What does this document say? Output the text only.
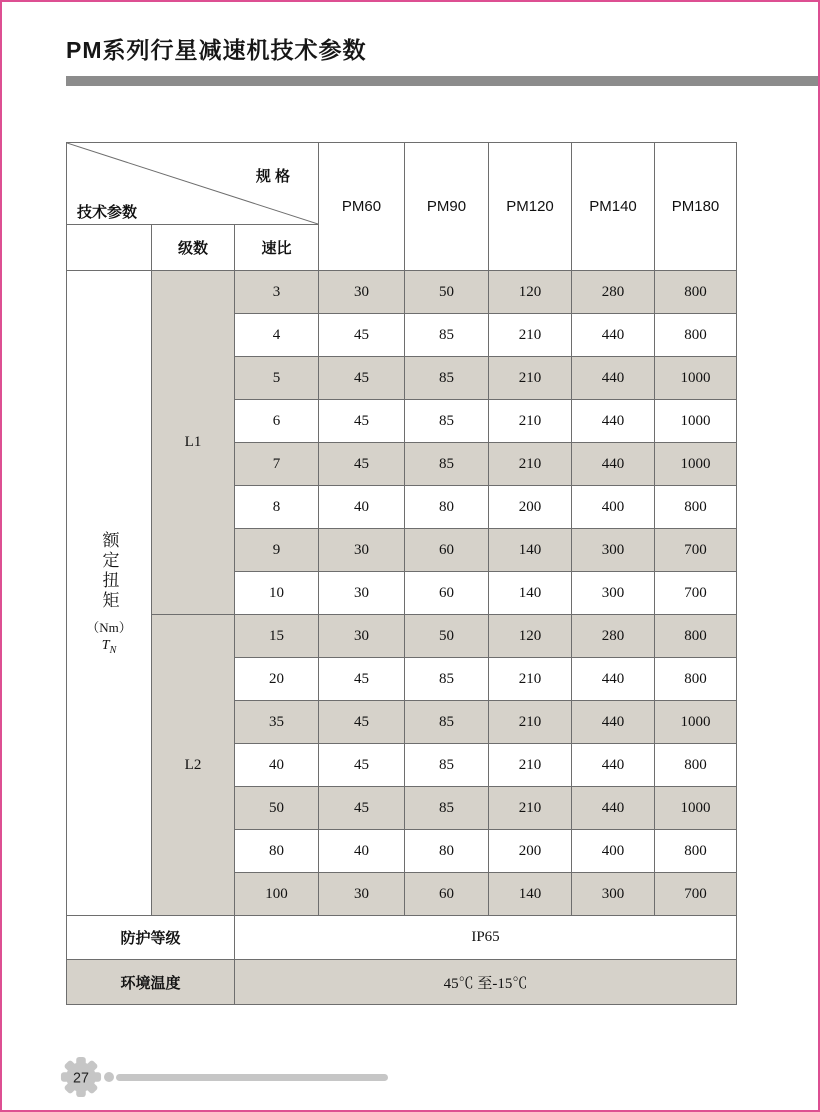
PM系列行星减速机技术参数
规 格
技术参数			PM60	PM90	PM120	PM140	PM180
	级数	速比					

额定扭矩
（Nm）
$T_N$	L1	3	30	50	120	280	800
		4	45	85	210	440	800
		5	45	85	210	440	1000
		6	45	85	210	440	1000
		7	45	85	210	440	1000
		8	40	80	200	400	800
		9	30	60	140	300	700
		10	30	60	140	300	700
	L2	15	30	50	120	280	800
		20	45	85	210	440	800
		35	45	85	210	440	1000
		40	45	85	210	440	800
		50	45	85	210	440	1000
		80	40	80	200	400	800
		100	30	60	140	300	700
防护等级		IP65					
环境温度		45℃ 至-15℃					
27
